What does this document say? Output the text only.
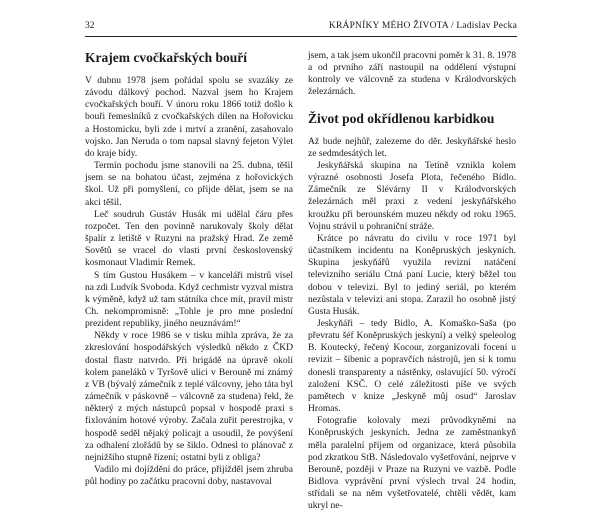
32	KRÁPNÍKY MÉHO ŽIVOTA / Ladislav Pecka
Krajem cvočkařských bouří

V dubnu 1978 jsem pořádal spolu se svazáky ze závodu dálkový pochod. Nazval jsem ho Krajem cvočkařských bouří. V únoru roku 1866 totiž došlo k bouři řemeslníků z cvočkařských dílen na Hořovicku a Hostomicku, byli zde i mrtví a zranění, zasahovalo vojsko. Jan Neruda o tom napsal slavný fejeton Výlet do kraje bídy.

Termín pochodu jsme stanovili na 25. dubna, těšil jsem se na bohatou účast, zejména z hořovických škol. Už při pomyšlení, co přijde dělat, jsem se na akci těšil.

Leč soudruh Gustáv Husák mi udělal čáru přes rozpočet. Ten den povinně narukovaly školy dělat špalír z letiště v Ruzyni na pražský Hrad. Ze země Sovětů se vracel do vlasti první československý kosmonaut Vladimír Remek.

S tím Gustou Husákem – v kanceláři mistrů visel na zdi Ludvík Svoboda. Když cechmistr vyzval mistra k výměně, když už tam státníka chce mít, pravil mistr Ch. nekompromisně: „Tohle je pro mne poslední prezident republiky, jiného neuznávám!“

Někdy v roce 1986 se v tisku mihla zpráva, že za zkreslování hospodářských výsledků někdo z ČKD dostal flastr natvrdo. Při brigádě na úpravě okolí kolem paneláků v Tyršově ulici v Berouně mi známý z VB (bývalý zámečník z teplé válcovny, jeho táta byl zámečník v páskovně – válcovně za studena) řekl, že některý z mých nástupců popsal v hospodě praxi s fixlováním hotové výroby. Začala zuřit perestrojka, v hospodě seděl nějaký policajt a usoudil, že povýšení za odhalení zlořádů by se šiklo. Odnesl to plánovač z nejnižšího stupně řízení; ostatní byli z obliga?

Vadilo mi dojíždění do práce, přijížděl jsem zhruba půl hodiny po začátku pracovní doby, nastavoval

jsem, a tak jsem ukončil pracovní poměr k 31. 8. 1978 a od prvního září nastoupil na oddělení výstupní kontroly ve válcovně za studena v Králodvorských železárnách.

Život pod okřídlenou karbidkou

Až bude nejhůř, zalezeme do děr. Jeskyňářské heslo ze sedmdesátých let.

Jeskyňářská skupina na Tetíně vznikla kolem výrazné osobnosti Josefa Plota, řečeného Bídlo. Zámečník ze Slévárny II v Králodvorských železárnách měl praxi z vedení jeskyňářského kroužku při berounském muzeu někdy od roku 1965. Vojnu strávil u pohraniční stráže.

Krátce po návratu do civilu v roce 1971 byl účastníkem incidentu na Koněpruských jeskyních. Skupina jeskyňářů využila revizní natáčení televizního seriálu Ctná paní Lucie, který běžel tou dobou v televizi. Byl to jediný seriál, po kterém nezůstala v televizi ani stopa. Zarazil ho osobně jistý Gusta Husák.

Jeskyňáři – tedy Bidlo, A. Komaško-Saša (po převratu šéf Koněpruských jeskyní) a velký speleolog B. Koutecký, řečený Kocour, zorganizovali focení u revizit – šibenic a popravčích nástrojů, jen si k tomu donesli transparenty a nástěnky, oslavující 50. výročí založení KSČ. O celé záležitosti píše ve svých pamětech v knize „Jeskyně můj osud“ Jaroslav Hromas.

Fotografie kolovaly mezi průvodkyněmi na Koněpruských jeskyních. Jedna ze zaměstnankyň měla paralelní příjem od organizace, která působila pod zkratkou StB. Následovalo vyšetřování, nejprve v Berouně, později v Praze na Ruzyni ve vazbě. Podle Bidlova vyprávění první výslech trval 24 hodin, střídali se na něm vyšetřovatelé, chtěli vědět, kam ukryl ne-
